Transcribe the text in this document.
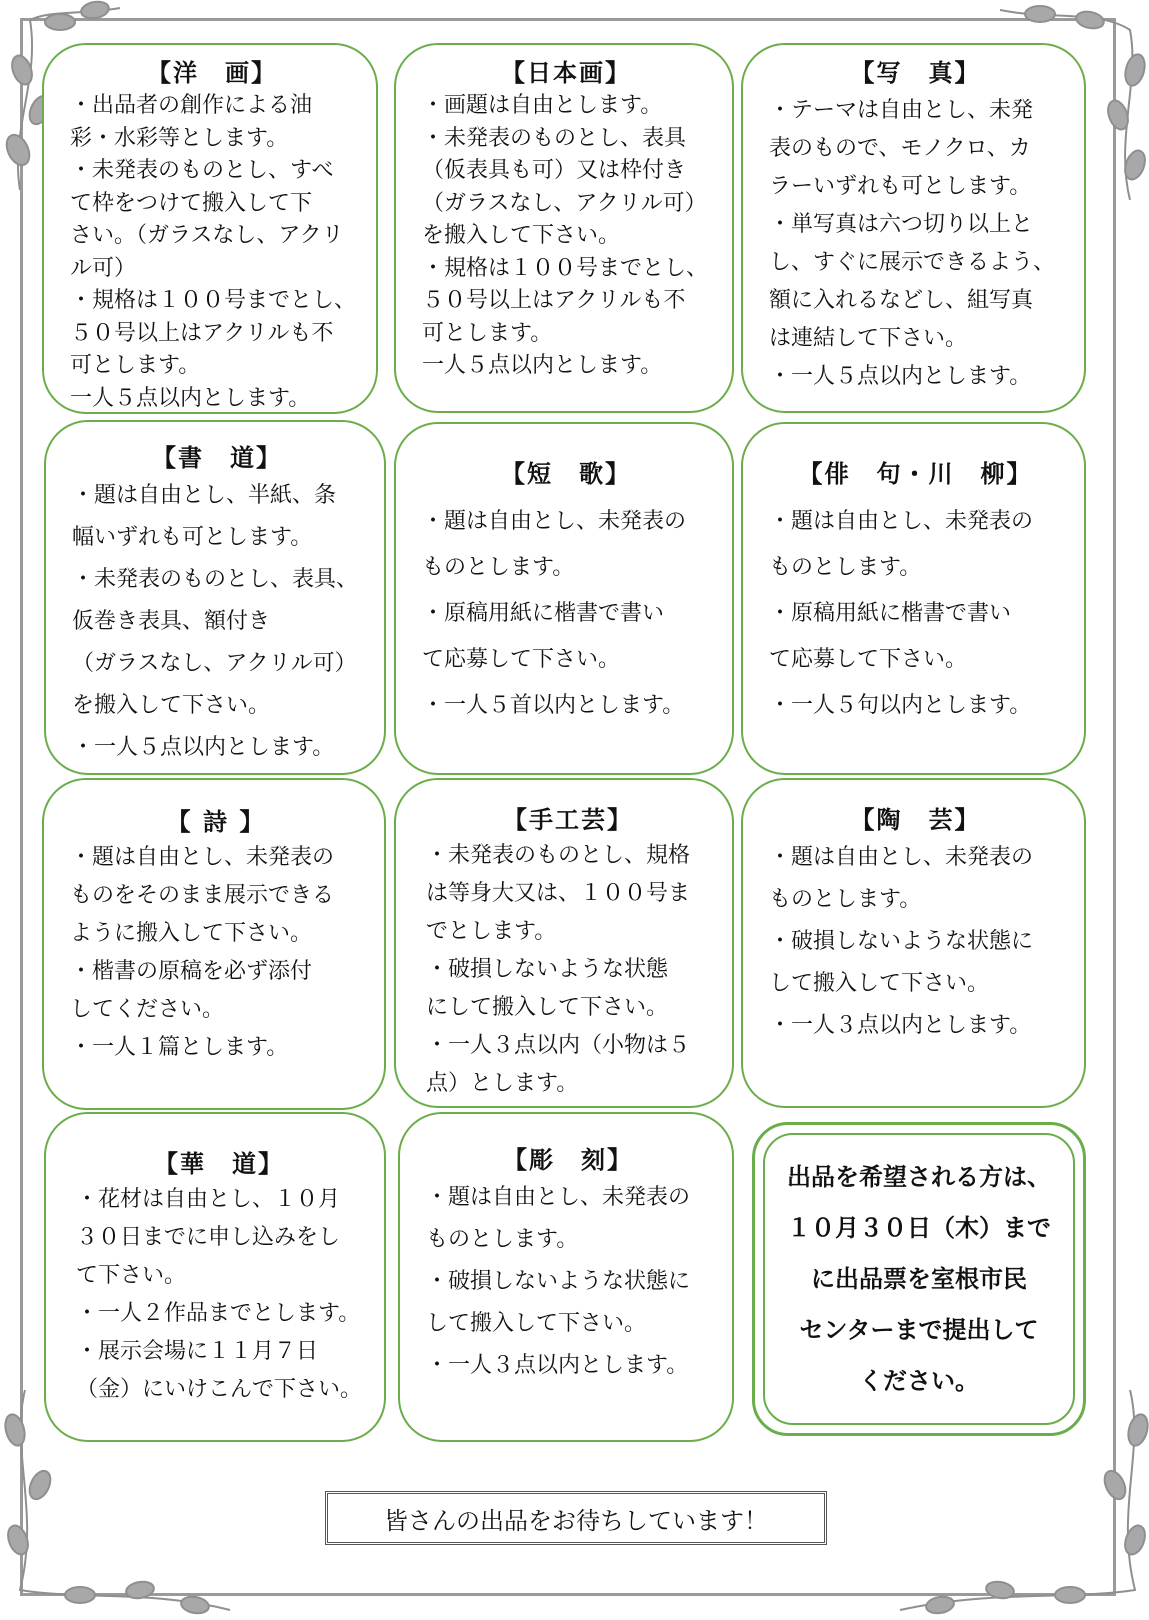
【洋　画】
・出品者の創作による油
彩・水彩等とします。
・未発表のものとし、すべ
て枠をつけて搬入して下
さい。（ガラスなし、アクリ
ル可）
・規格は１００号までとし、
５０号以上はアクリルも不
可とします。
一人５点以内とします。
【日本画】
・画題は自由とします。
・未発表のものとし、表具
（仮表具も可）又は枠付き
（ガラスなし、アクリル可）
を搬入して下さい。
・規格は１００号までとし、
５０号以上はアクリルも不
可とします。
一人５点以内とします。
【写　真】
・テーマは自由とし、未発
表のもので、モノクロ、カ
ラーいずれも可とします。
・単写真は六つ切り以上と
し、すぐに展示できるよう、
額に入れるなどし、組写真
は連結して下さい。
・一人５点以内とします。
【書　道】
・題は自由とし、半紙、条
幅いずれも可とします。
・未発表のものとし、表具、
仮巻き表具、額付き
（ガラスなし、アクリル可）
を搬入して下さい。
・一人５点以内とします。
【短　歌】
・題は自由とし、未発表の
ものとします。
・原稿用紙に楷書で書い
て応募して下さい。
・一人５首以内とします。
【俳　句・川　柳】
・題は自由とし、未発表の
ものとします。
・原稿用紙に楷書で書い
て応募して下さい。
・一人５句以内とします。
【 詩 】
・題は自由とし、未発表の
ものをそのまま展示できる
ように搬入して下さい。
・楷書の原稿を必ず添付
してください。
・一人１篇とします。
【手工芸】
・未発表のものとし、規格
は等身大又は、１００号ま
でとします。
・破損しないような状態
にして搬入して下さい。
・一人３点以内（小物は５
点）とします。
【陶　芸】
・題は自由とし、未発表の
ものとします。
・破損しないような状態に
して搬入して下さい。
・一人３点以内とします。
【華　道】
・花材は自由とし、１０月
３０日までに申し込みをし
て下さい。
・一人２作品までとします。
・展示会場に１１月７日
（金）にいけこんで下さい。
【彫　刻】
・題は自由とし、未発表の
ものとします。
・破損しないような状態に
して搬入して下さい。
・一人３点以内とします。
出品を希望される方は、
１０月３０日（木）まで
に出品票を室根市民
センターまで提出して
ください。
皆さんの出品をお待ちしています！
